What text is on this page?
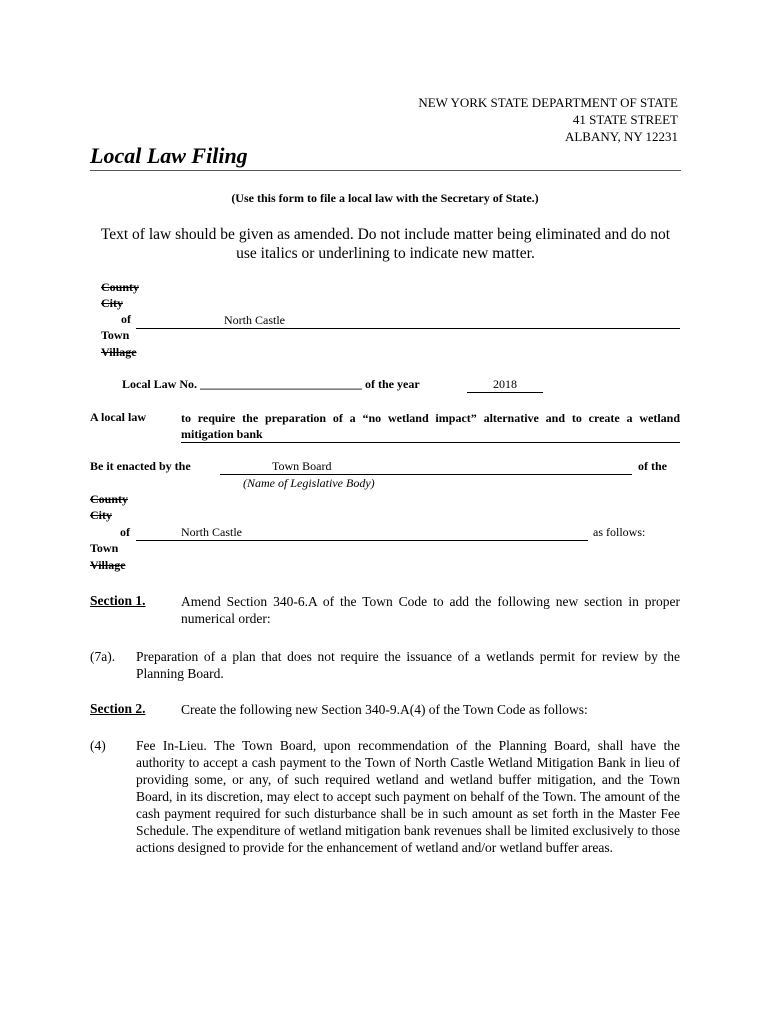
NEW YORK STATE DEPARTMENT OF STATE
41 STATE STREET
ALBANY, NY 12231
Local Law Filing
(Use this form to file a local law with the Secretary of State.)
Text of law should be given as amended. Do not include matter being eliminated and do not use italics or underlining to indicate new matter.
County
City
of	North Castle
Town
Village
Local Law No. ___________________________ of the year	2018
A local law	to require the preparation of a “no wetland impact” alternative and to create a wetland mitigation bank
Be it enacted by the	Town Board	of the
(Name of Legislative Body)
County
City
of	North Castle	as follows:
Town
Village
Section 1.	Amend Section 340-6.A of the Town Code to add the following new section in proper numerical order:
(7a). Preparation of a plan that does not require the issuance of a wetlands permit for review by the Planning Board.
Section 2.	Create the following new Section 340-9.A(4) of the Town Code as follows:
(4) Fee In-Lieu. The Town Board, upon recommendation of the Planning Board, shall have the authority to accept a cash payment to the Town of North Castle Wetland Mitigation Bank in lieu of providing some, or any, of such required wetland and wetland buffer mitigation, and the Town Board, in its discretion, may elect to accept such payment on behalf of the Town. The amount of the cash payment required for such disturbance shall be in such amount as set forth in the Master Fee Schedule. The expenditure of wetland mitigation bank revenues shall be limited exclusively to those actions designed to provide for the enhancement of wetland and/or wetland buffer areas.
